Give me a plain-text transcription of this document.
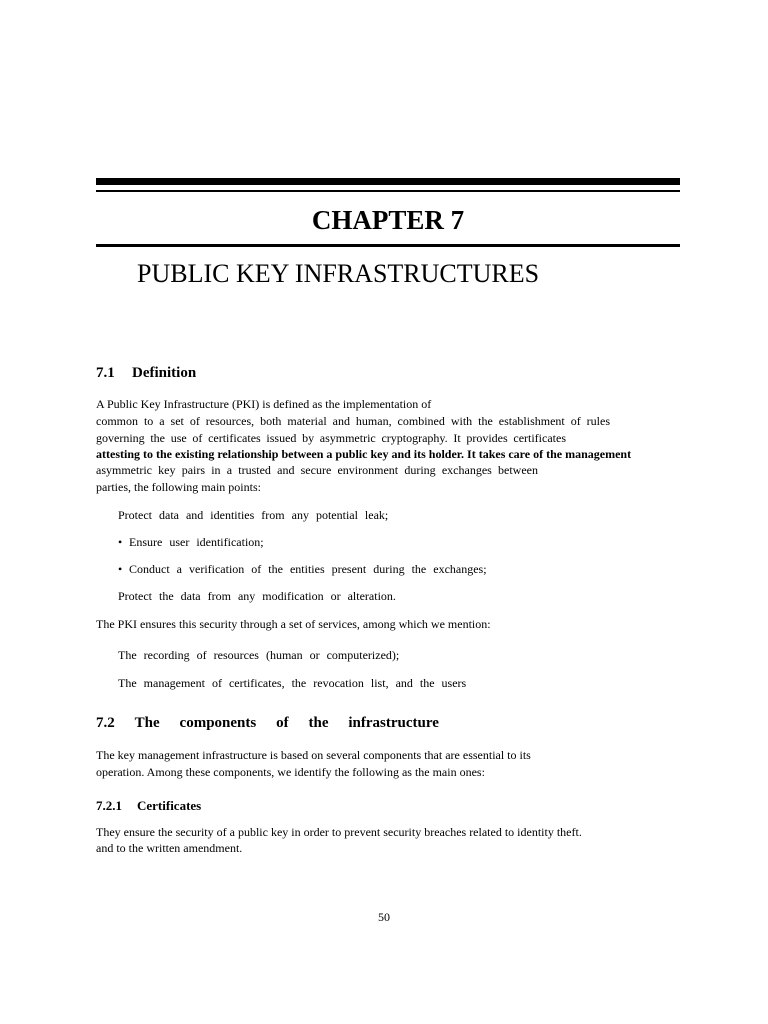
CHAPTER 7
PUBLIC KEY INFRASTRUCTURES
7.1 Definition
A Public Key Infrastructure (PKI) is defined as the implementation of
common to a set of resources, both material and human, combined with the establishment of rules
governing the use of certificates issued by asymmetric cryptography. It provides certificates
attesting to the existing relationship between a public key and its holder. It takes care of the management
asymmetric key pairs in a trusted and secure environment during exchanges between
parties, the following main points:
Protect data and identities from any potential leak;
• Ensure user identification;
• Conduct a verification of the entities present during the exchanges;
Protect the data from any modification or alteration.
The PKI ensures this security through a set of services, among which we mention:
The recording of resources (human or computerized);
The management of certificates, the revocation list, and the users
7.2 The components of the infrastructure
The key management infrastructure is based on several components that are essential to its
operation. Among these components, we identify the following as the main ones:
7.2.1 Certificates
They ensure the security of a public key in order to prevent security breaches related to identity theft.
and to the written amendment.
50
